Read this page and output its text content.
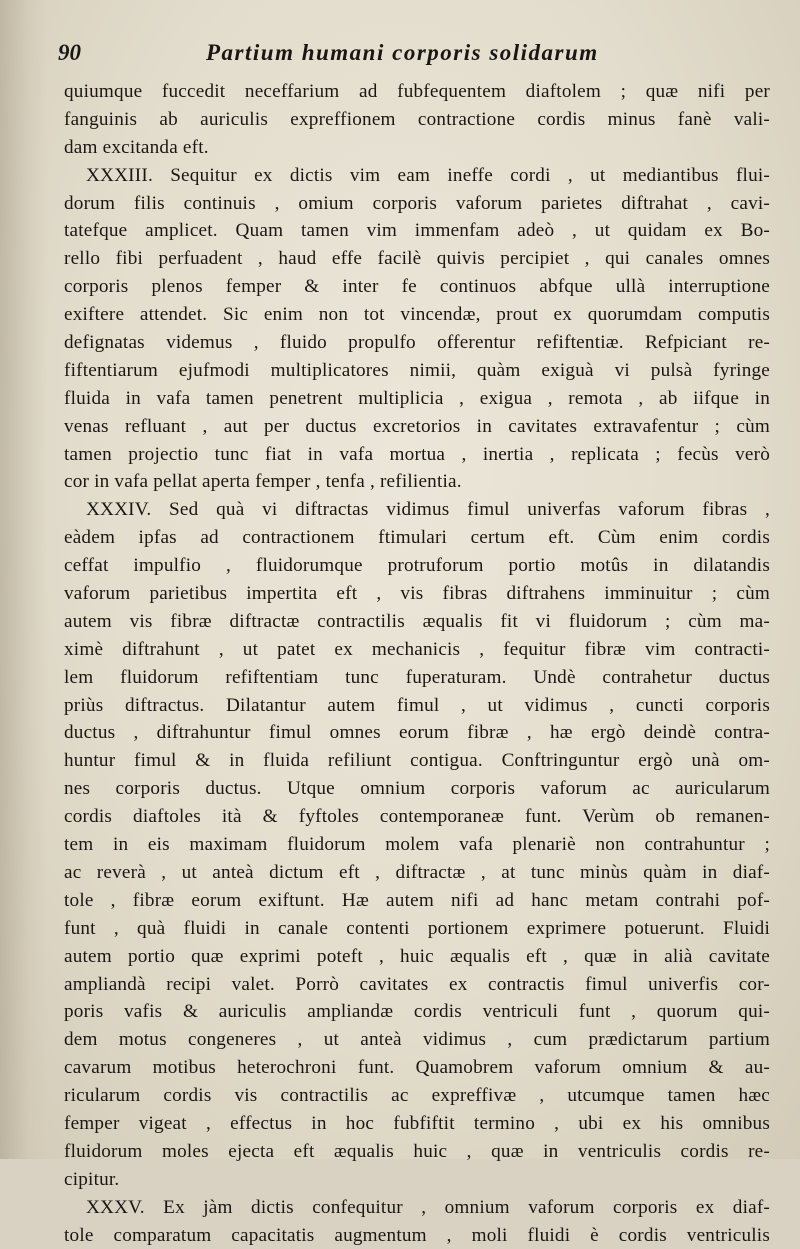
90	Partium humani corporis solidarum
quiumque fuccedit neceffarium ad fubfequentem diaftolem ; quæ nifi per
fanguinis ab auriculis expreffionem contractione cordis minus fanè vali-
dam excitanda eft.
XXXIII. Sequitur ex dictis vim eam ineffe cordi , ut mediantibus flui-
dorum filis continuis , omium corporis vaforum parietes diftrahat , cavi-
tatefque amplicet. Quam tamen vim immenfam adeò , ut quidam ex Bo-
rello fibi perfuadent , haud effe facilè quivis percipiet , qui canales omnes
corporis plenos femper & inter fe continuos abfque ullà interruptione
exiftere attendet. Sic enim non tot vincendæ, prout ex quorumdam computis
defignatas videmus , fluido propulfo offerentur refiftentiæ. Refpiciant re-
fiftentiarum ejufmodi multiplicatores nimii, quàm exiguà vi pulsà fyringe
fluida in vafa tamen penetrent multiplicia , exigua , remota , ab iifque in
venas refluant , aut per ductus excretorios in cavitates extravafentur ; cùm
tamen projectio tunc fiat in vafa mortua , inertia , replicata ; fecùs verò
cor in vafa pellat aperta femper , tenfa , refilientia.
XXXIV. Sed quà vi diftractas vidimus fimul univerfas vaforum fibras ,
eàdem ipfas ad contractionem ftimulari certum eft. Cùm enim cordis
ceffat impulfio , fluidorumque protruforum portio motûs in dilatandis
vaforum parietibus impertita eft , vis fibras diftrahens imminuitur ; cùm
autem vis fibræ diftractæ contractilis æqualis fit vi fluidorum ; cùm ma-
ximè diftrahunt , ut patet ex mechanicis , fequitur fibræ vim contracti-
lem fluidorum refiftentiam tunc fuperaturam. Undè contrahetur ductus
priùs diftractus. Dilatantur autem fimul , ut vidimus , cuncti corporis
ductus , diftrahuntur fimul omnes eorum fibræ , hæ ergò deindè contra-
huntur fimul & in fluida refiliunt contigua. Conftringuntur ergò unà om-
nes corporis ductus. Utque omnium corporis vaforum ac auricularum
cordis diaftoles ità & fyftoles contemporaneæ funt. Verùm ob remanen-
tem in eis maximam fluidorum molem vafa plenariè non contrahuntur ;
ac reverà , ut anteà dictum eft , diftractæ , at tunc minùs quàm in diaf-
tole , fibræ eorum exiftunt. Hæ autem nifi ad hanc metam contrahi pof-
funt , quà fluidi in canale contenti portionem exprimere potuerunt. Fluidi
autem portio quæ exprimi poteft , huic æqualis eft , quæ in alià cavitate
ampliandà recipi valet. Porrò cavitates ex contractis fimul univerfis cor-
poris vafis & auriculis ampliandæ cordis ventriculi funt , quorum qui-
dem motus congeneres , ut anteà vidimus , cum prædictarum partium
cavarum motibus heterochroni funt. Quamobrem vaforum omnium & au-
ricularum cordis vis contractilis ac expreffivæ , utcumque tamen hæc
femper vigeat , effectus in hoc fubfiftit termino , ubi ex his omnibus
fluidorum moles ejecta eft æqualis huic , quæ in ventriculis cordis re-
cipitur.
XXXV. Ex jàm dictis confequitur , omnium vaforum corporis ex diaf-
tole comparatum capacitatis augmentum , moli fluidi è cordis ventriculis
